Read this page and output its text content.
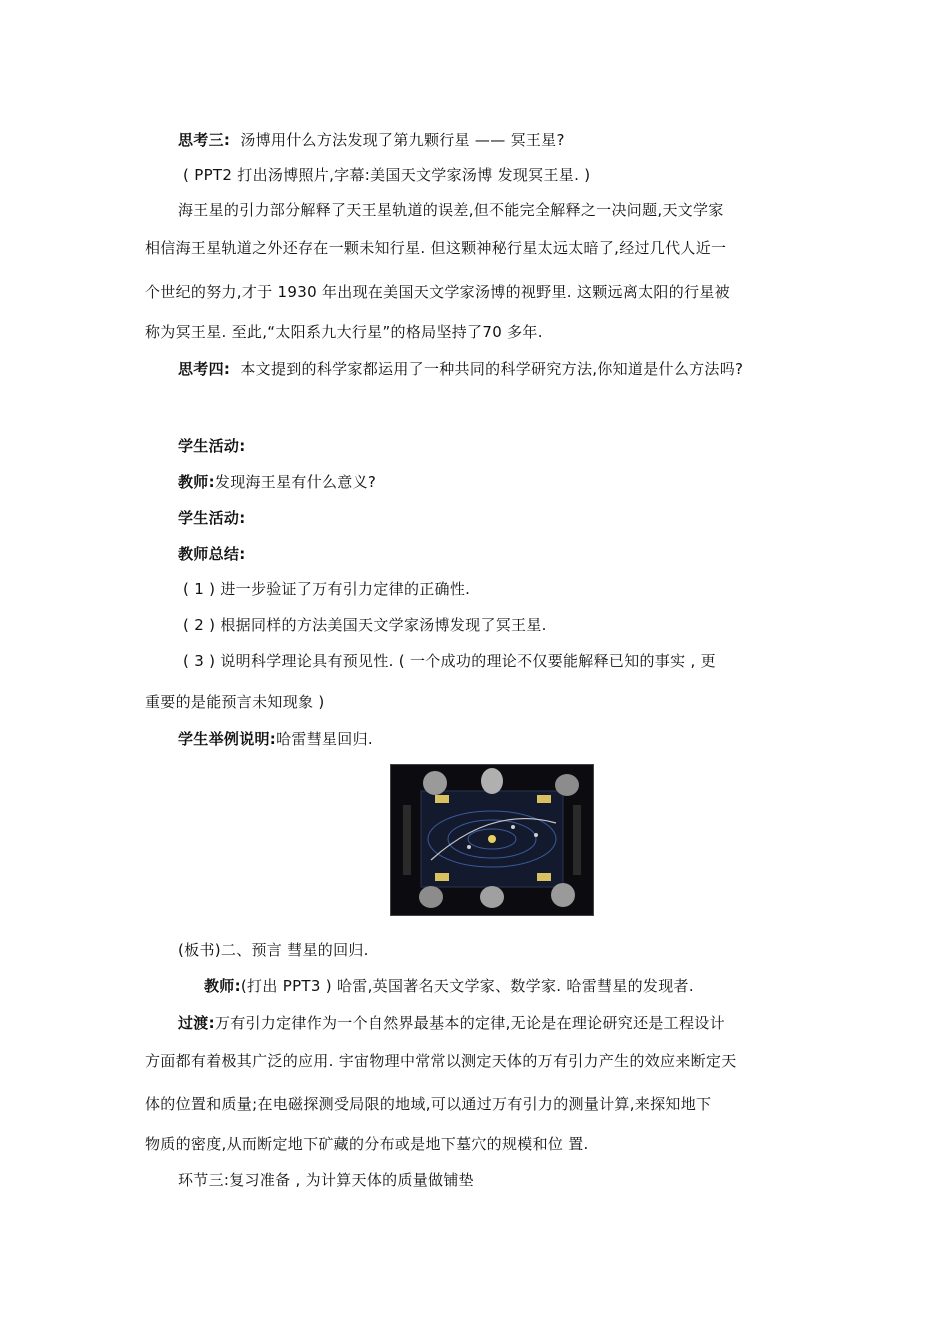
思考三: 汤博用什么方法发现了第九颗行星 —— 冥王星?
( PPT2 打出汤博照片,字幕:美国天文学家汤博 发现冥王星. )
海王星的引力部分解释了天王星轨道的误差,但不能完全解释之一决问题,天文学家
相信海王星轨道之外还存在一颗未知行星. 但这颗神秘行星太远太暗了,经过几代人近一
个世纪的努力,才于 1930 年出现在美国天文学家汤博的视野里. 这颗远离太阳的行星被
称为冥王星. 至此,“太阳系九大行星”的格局坚持了70 多年.
思考四: 本文提到的科学家都运用了一种共同的科学研究方法,你知道是什么方法吗?
学生活动:
教师:发现海王星有什么意义?
学生活动:
教师总结:
( 1 ) 进一步验证了万有引力定律的正确性.
( 2 ) 根据同样的方法美国天文学家汤博发现了冥王星.
( 3 ) 说明科学理论具有预见性. ( 一个成功的理论不仅要能解释已知的事实 , 更
重要的是能预言未知现象 )
学生举例说明:哈雷彗星回归.
(板书)二、预言 彗星的回归.
教师:(打出 PPT3 ) 哈雷,英国著名天文学家、数学家. 哈雷彗星的发现者.
过渡:万有引力定律作为一个自然界最基本的定律,无论是在理论研究还是工程设计
方面都有着极其广泛的应用. 宇宙物理中常常以测定天体的万有引力产生的效应来断定天
体的位置和质量;在电磁探测受局限的地域,可以通过万有引力的测量计算,来探知地下
物质的密度,从而断定地下矿藏的分布或是地下墓穴的规模和位 置.
环节三:复习准备 , 为计算天体的质量做铺垫
